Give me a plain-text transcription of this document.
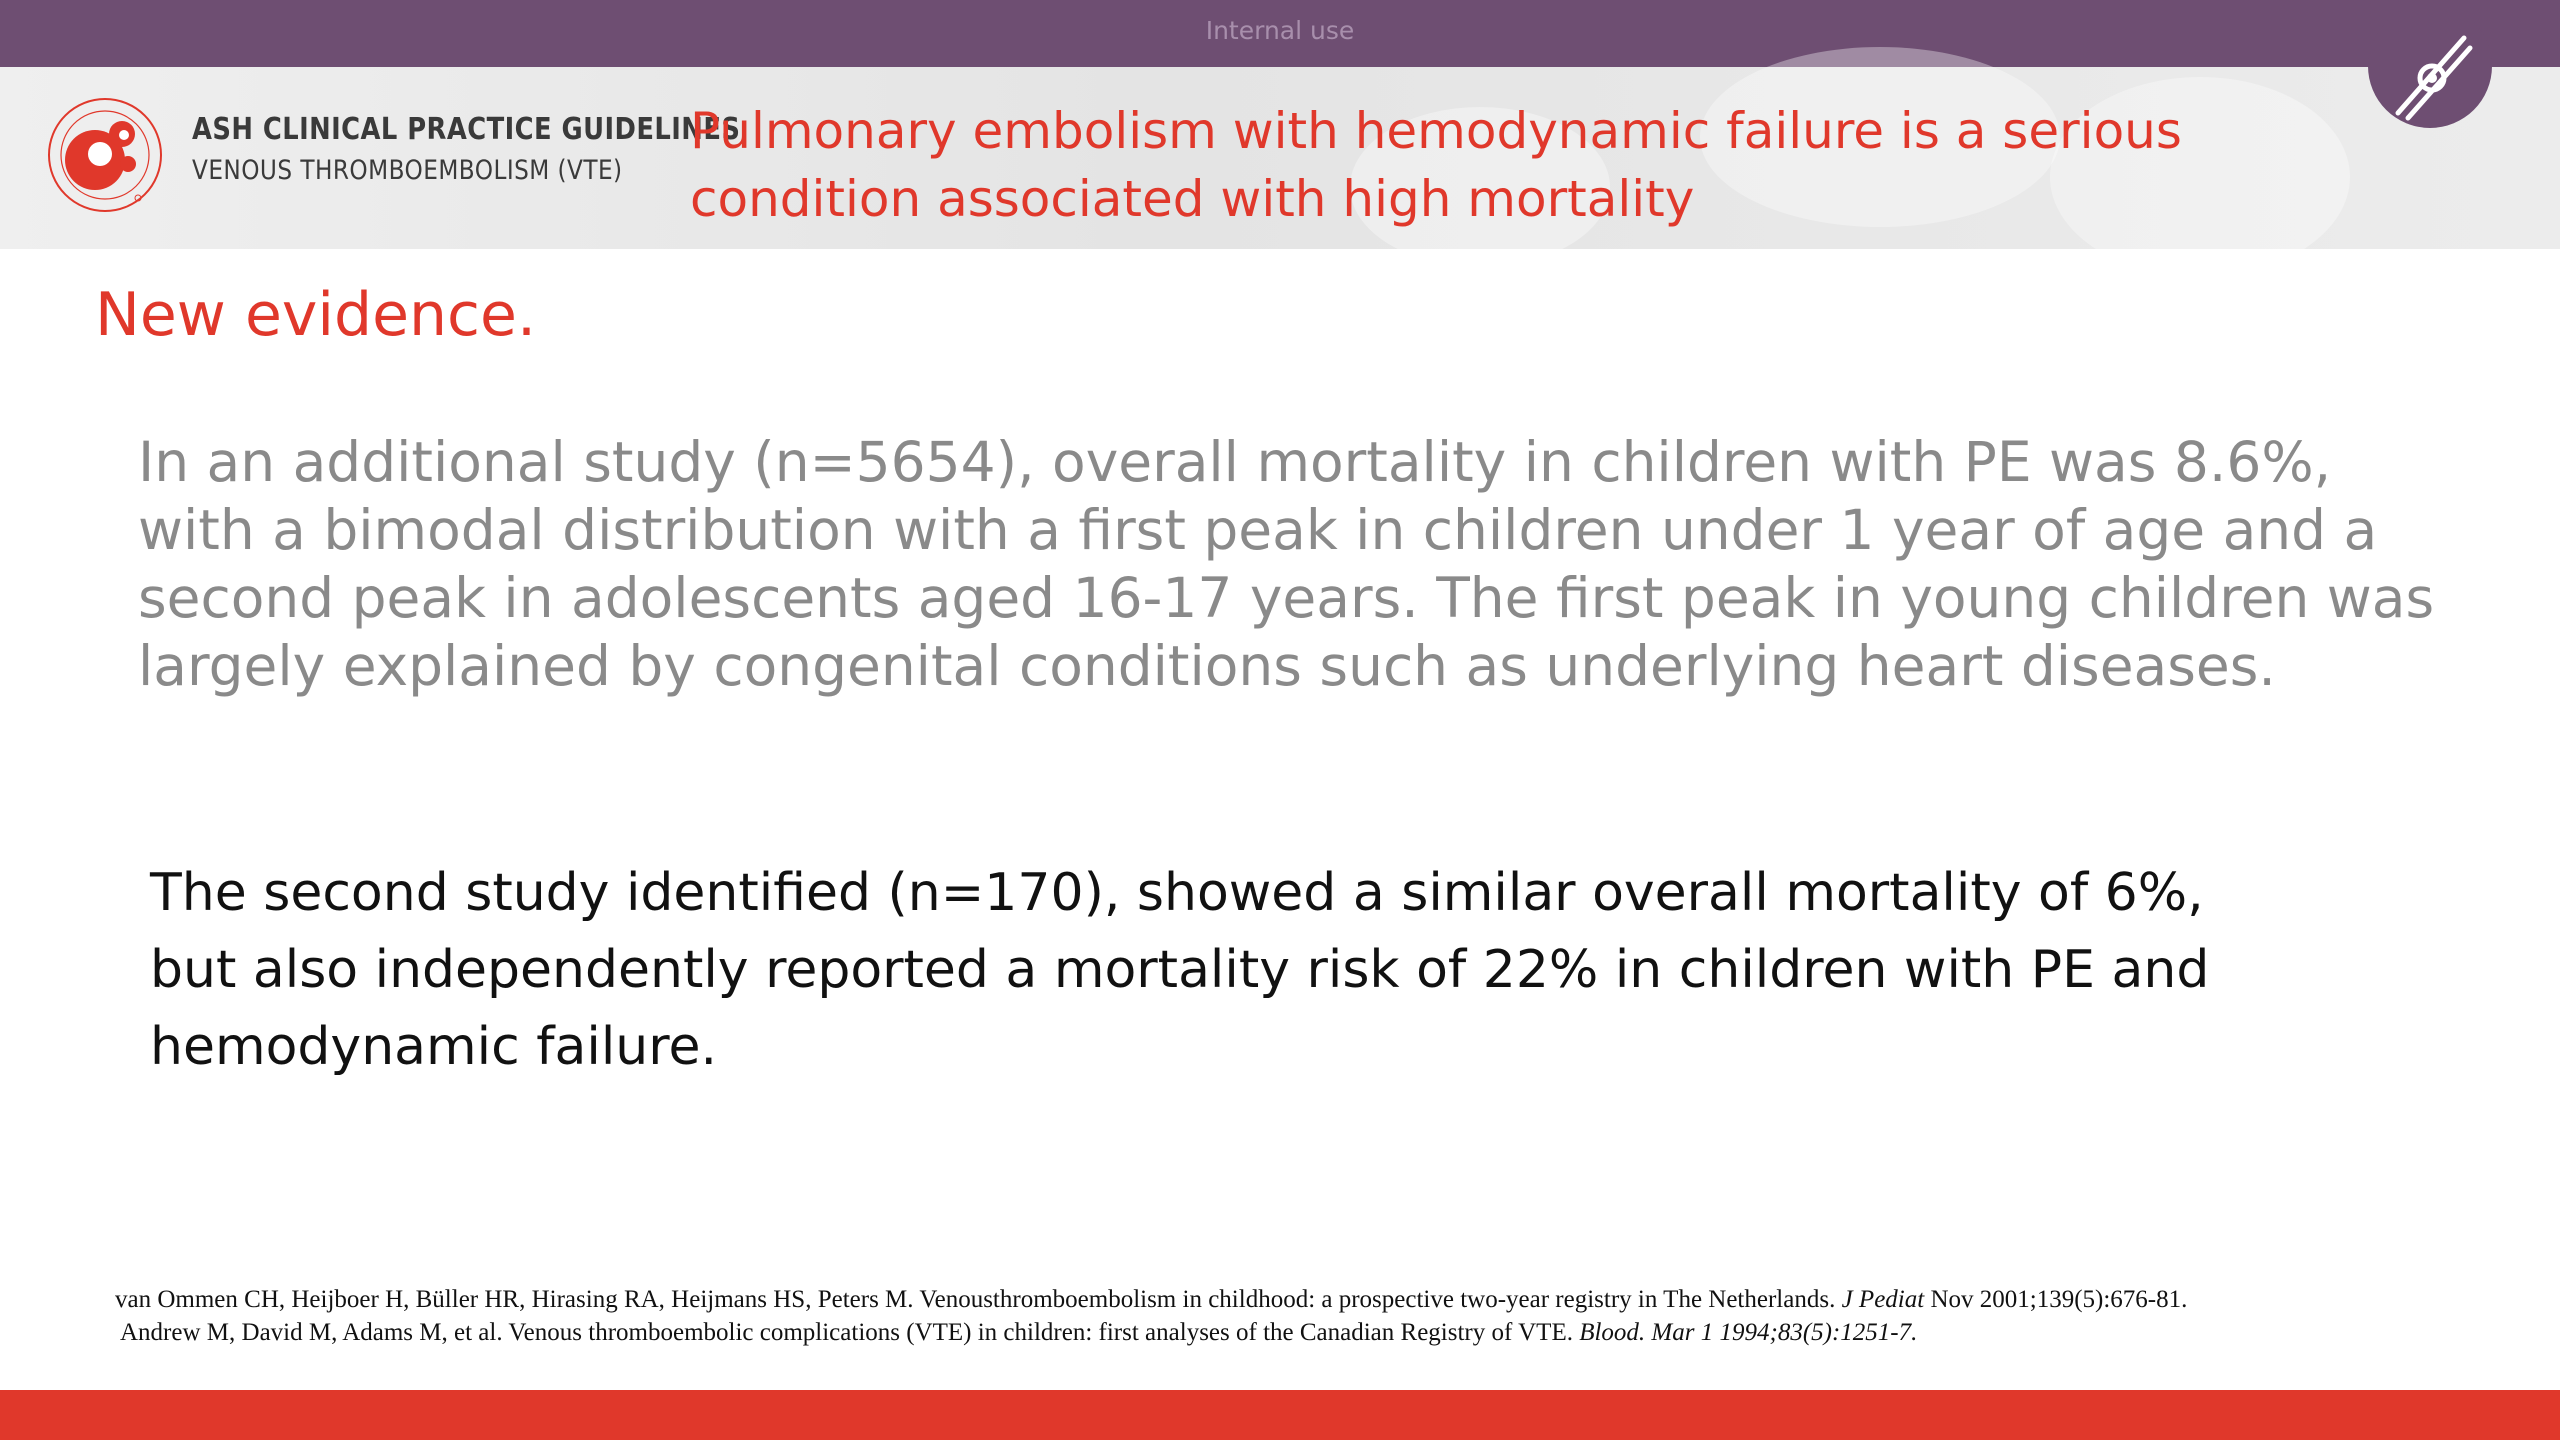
Internal use
ASH CLINICAL PRACTICE GUIDELINES
VENOUS THROMBOEMBOLISM (VTE)
Pulmonary embolism with hemodynamic failure is a serious condition associated with high mortality
New evidence.
In an additional study (n=5654), overall mortality in children with PE was 8.6%, with a bimodal distribution with a first peak in children under 1 year of age and a second peak in adolescents aged 16-17 years. The first peak in young children was largely explained by congenital conditions such as underlying heart diseases.
The second study identified (n=170), showed a similar overall mortality of 6%,
but also independently reported a mortality risk of 22% in children with PE and
hemodynamic failure.
van Ommen CH, Heijboer H, Büller HR, Hirasing RA, Heijmans HS, Peters M. Venousthromboembolism in childhood: a prospective two-year registry in The Netherlands. J Pediat Nov 2001;139(5):676-81.
Andrew M, David M, Adams M, et al. Venous thromboembolic complications (VTE) in children: first analyses of the Canadian Registry of VTE. Blood. Mar 1 1994;83(5):1251-7.
